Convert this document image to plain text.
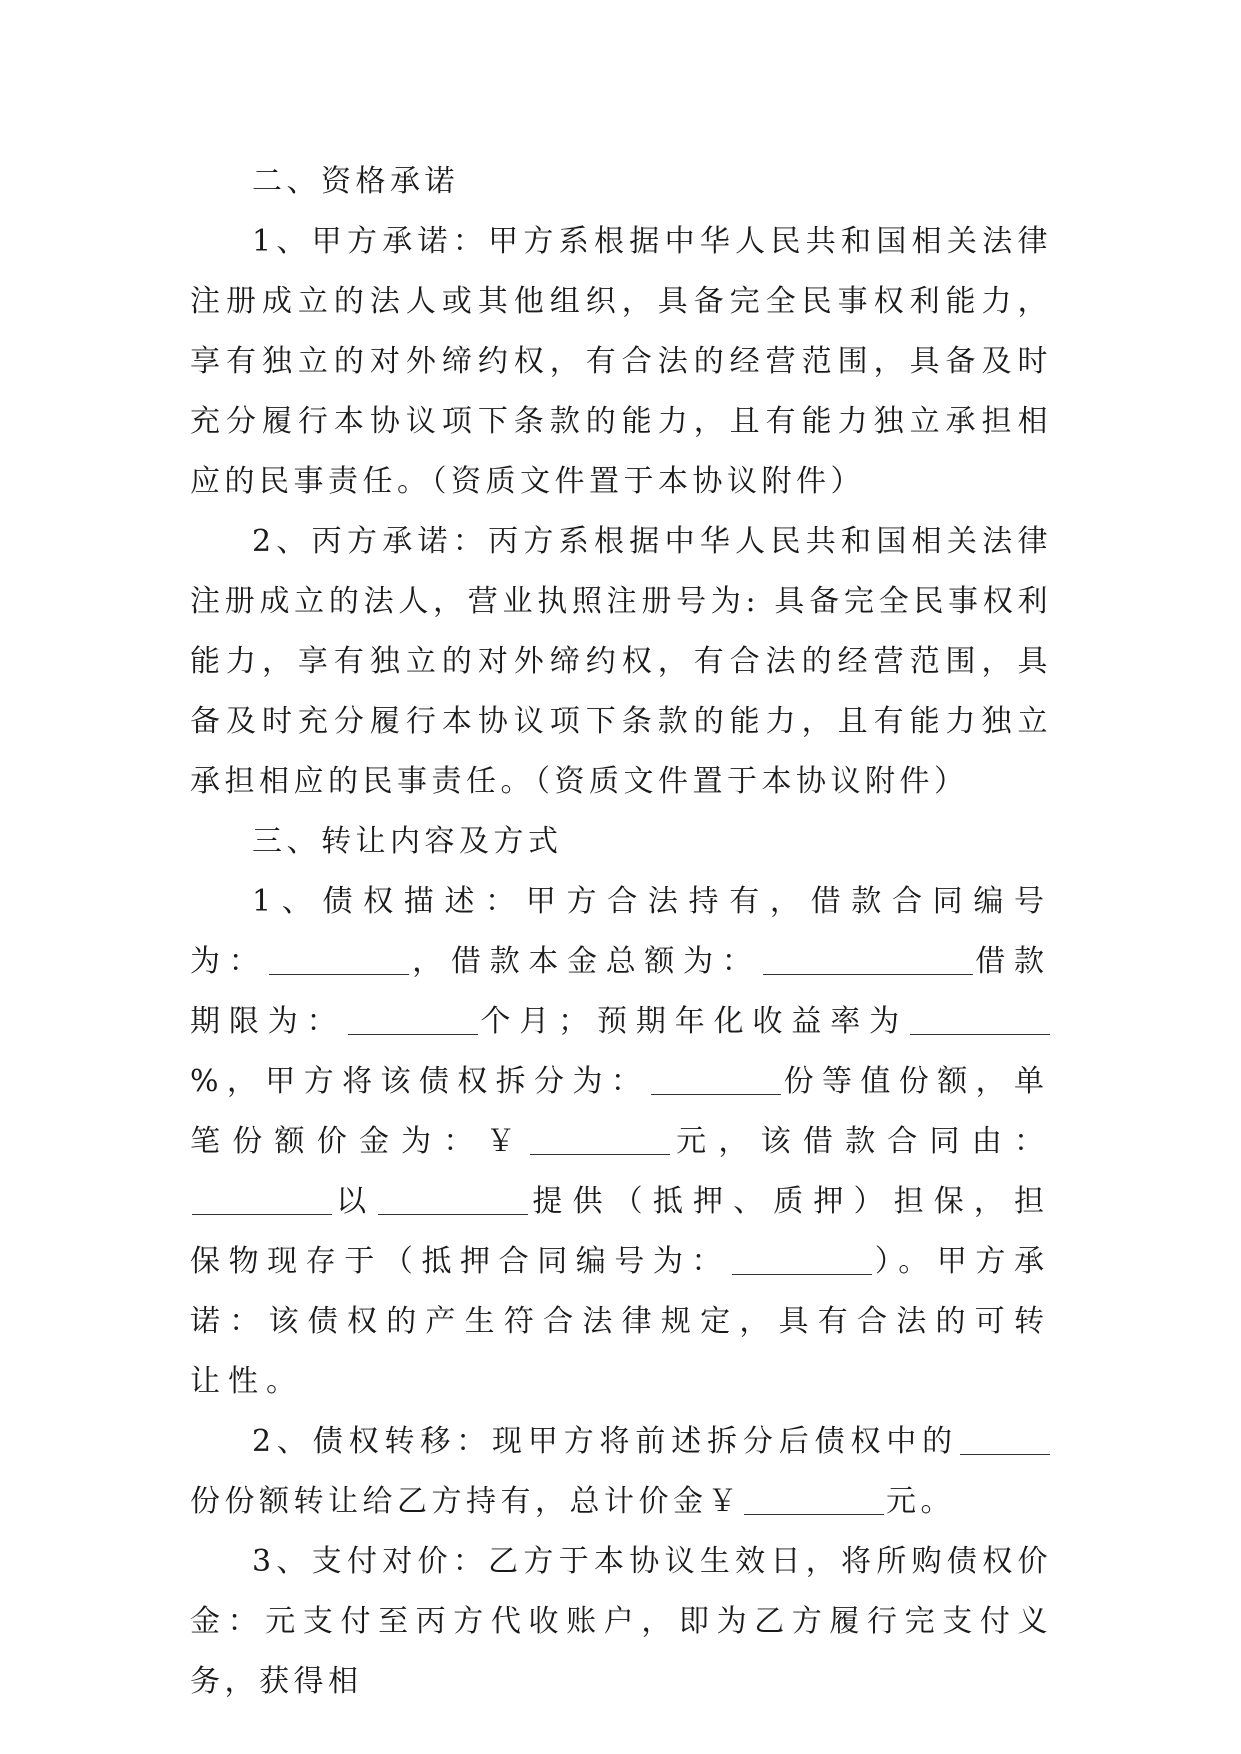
二、资格承诺

1、甲方承诺：甲方系根据中华人民共和国相关法律注册成立的法人或其他组织，具备完全民事权利能力，享有独立的对外缔约权，有合法的经营范围，具备及时充分履行本协议项下条款的能力，且有能力独立承担相应的民事责任。（资质文件置于本协议附件）

2、丙方承诺：丙方系根据中华人民共和国相关法律注册成立的法人，营业执照注册号为: 具备完全民事权利能力，享有独立的对外缔约权，有合法的经营范围，具备及时充分履行本协议项下条款的能力，且有能力独立承担相应的民事责任。（资质文件置于本协议附件）

三、转让内容及方式

1、债权描述：甲方合法持有，借款合同编号为：	，借款本金总额为：	借款期限为：	个月；预期年化收益率为%，甲方将该债权拆分为：	份等值份额，单笔份额价金为：￥	元，该借款合同由：以	提供（抵押、质押）担保，担保物现存于（抵押合同编号为：	）。甲方承诺：该债权的产生符合法律规定，具有合法的可转让性。

2、债权转移：现甲方将前述拆分后债权中的份份额转让给乙方持有，总计价金￥	元。

3、支付对价：乙方于本协议生效日，将所购债权价金：元支付至丙方代收账户，即为乙方履行完支付义务，获得相
